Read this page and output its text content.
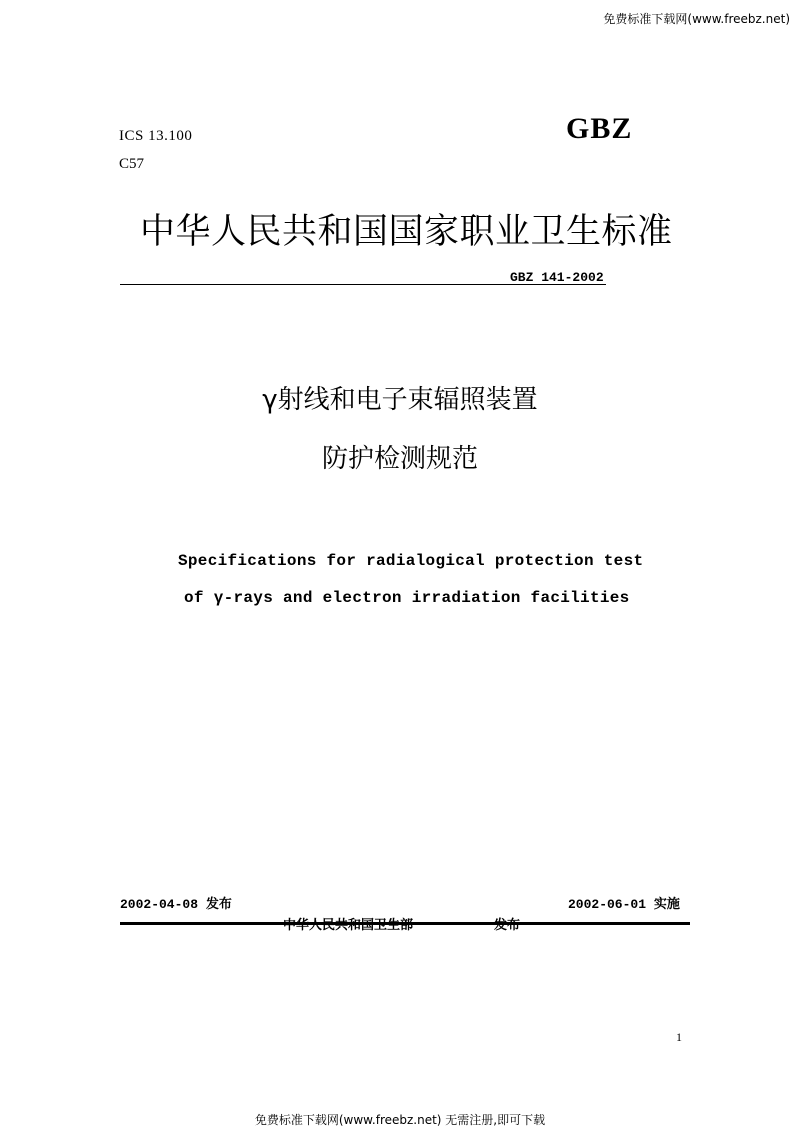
免费标准下载网(www.freebz.net)
ICS 13.100
C57
GBZ
中华人民共和国国家职业卫生标准
GBZ 141-2002
γ射线和电子束辐照装置
防护检测规范
Specifications for radialogical protection test
of γ-rays and electron irradiation facilities
2002-04-08 发布	2002-06-01 实施
中华人民共和国卫生部	发布
1
免费标准下载网(www.freebz.net) 无需注册,即可下载
